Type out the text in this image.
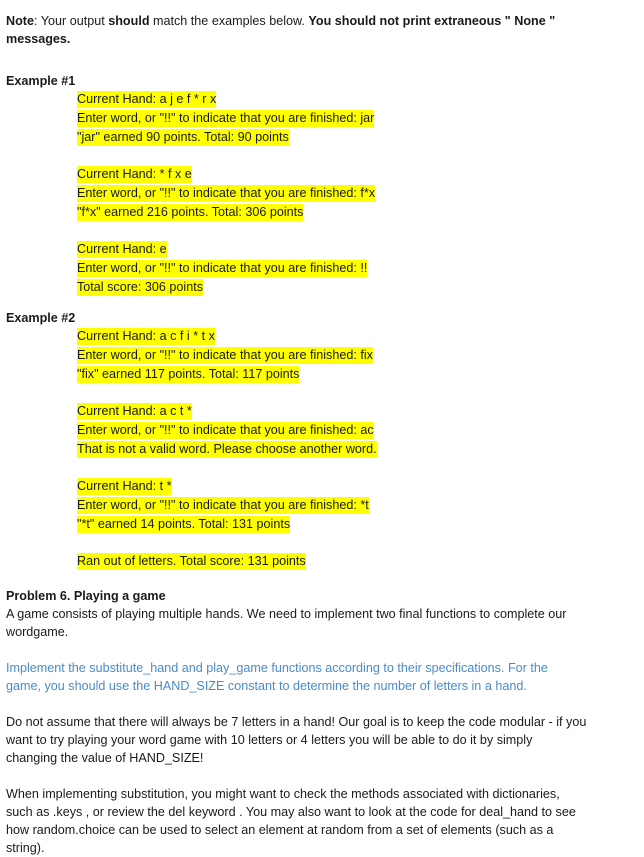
Note: Your output should match the examples below. You should not print extraneous " None "
messages.
Example #1
Current Hand: a j e f * r x
Enter word, or "!!" to indicate that you are finished: jar
"jar" earned 90 points. Total: 90 points
Current Hand: * f x e
Enter word, or "!!" to indicate that you are finished: f*x
"f*x" earned 216 points. Total: 306 points
Current Hand: e
Enter word, or "!!" to indicate that you are finished: !!
Total score: 306 points
Example #2
Current Hand: a c f i * t x
Enter word, or "!!" to indicate that you are finished: fix
"fix" earned 117 points. Total: 117 points
Current Hand: a c t *
Enter word, or "!!" to indicate that you are finished: ac
That is not a valid word. Please choose another word.
Current Hand: t *
Enter word, or "!!" to indicate that you are finished: *t
"*t" earned 14 points. Total: 131 points
Ran out of letters. Total score: 131 points
Problem 6. Playing a game
A game consists of playing multiple hands. We need to implement two final functions to complete our
wordgame.
Implement the substitute_hand and play_game functions according to their specifications. For the
game, you should use the HAND_SIZE constant to determine the number of letters in a hand.
Do not assume that there will always be 7 letters in a hand! Our goal is to keep the code modular - if you
want to try playing your word game with 10 letters or 4 letters you will be able to do it by simply
changing the value of HAND_SIZE!
When implementing substitution, you might want to check the methods associated with dictionaries,
such as .keys , or review the del keyword . You may also want to look at the code for deal_hand to see
how random.choice can be used to select an element at random from a set of elements (such as a
string).
